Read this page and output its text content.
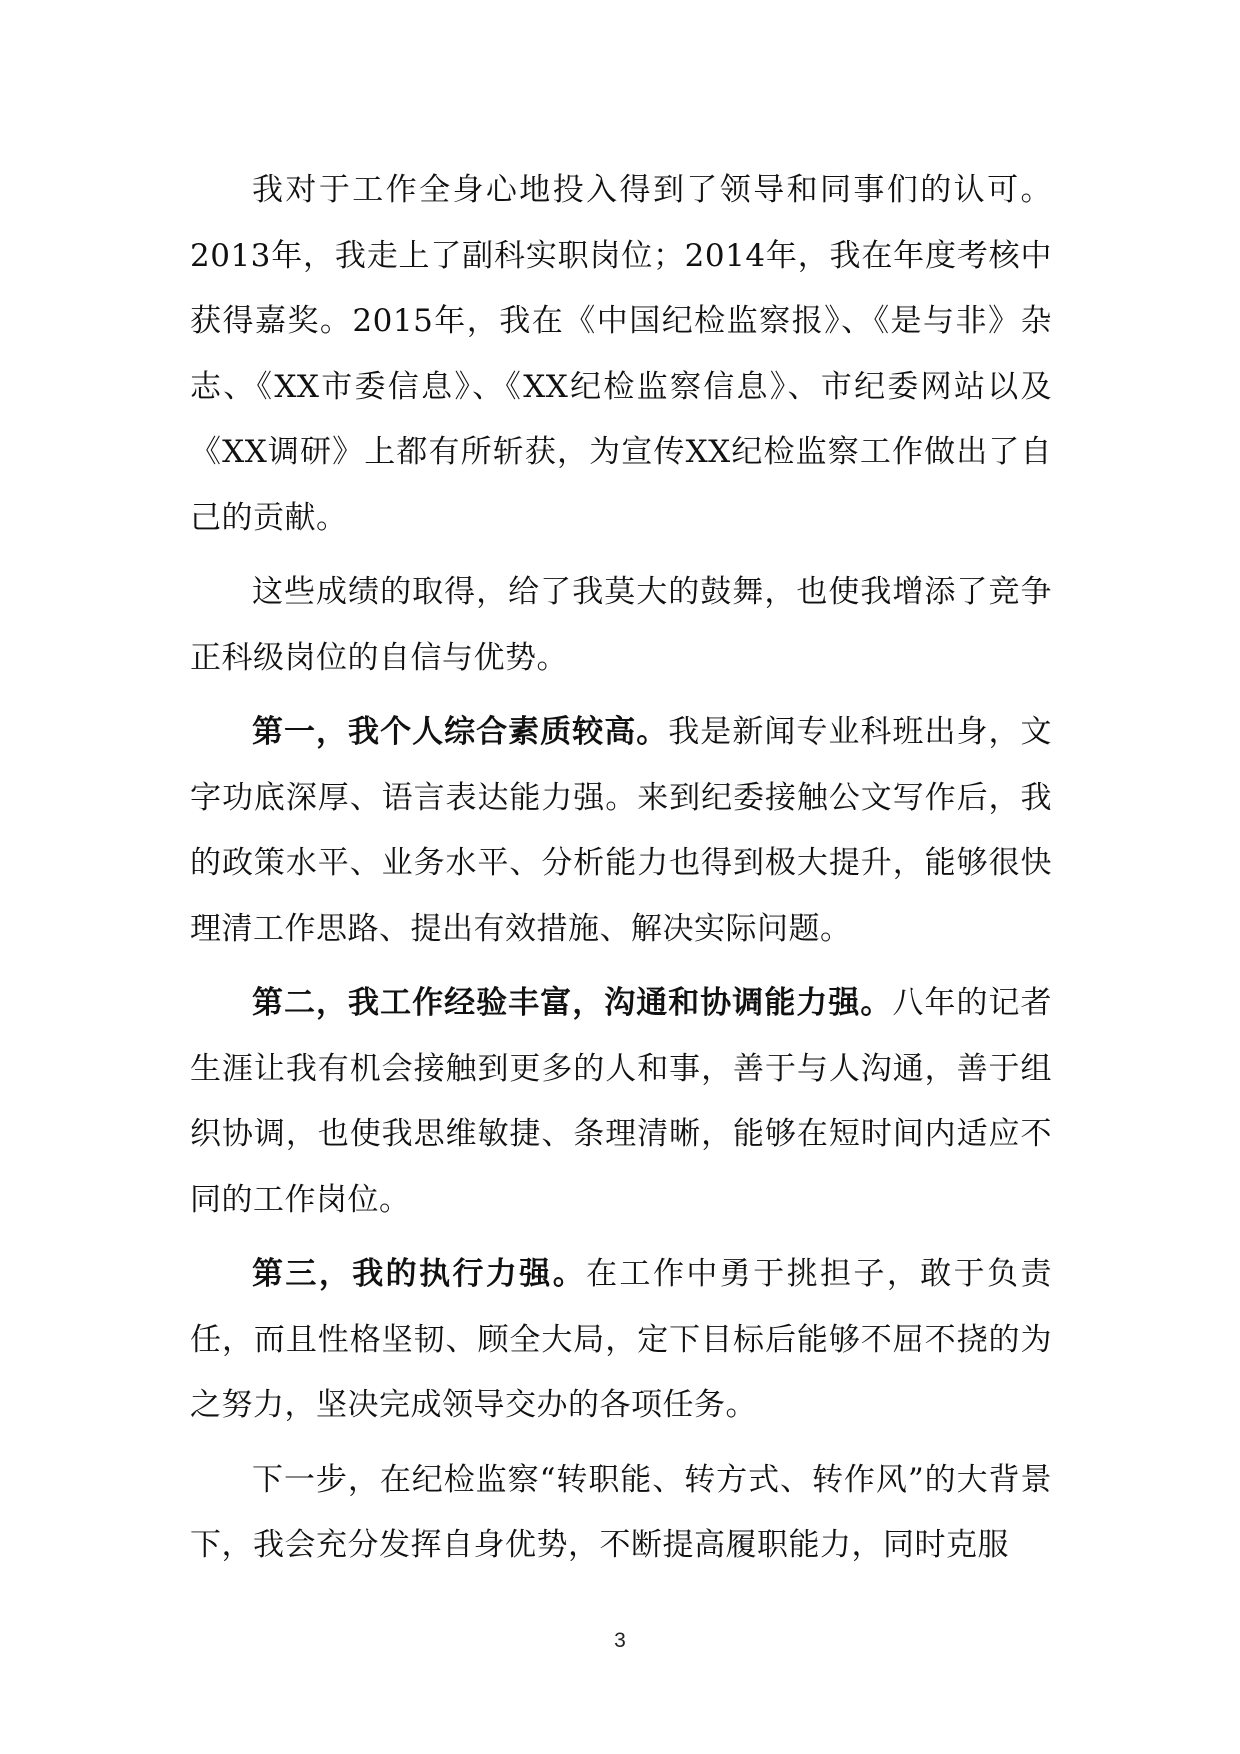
我对于工作全身心地投入得到了领导和同事们的认可。2013年，我走上了副科实职岗位；2014年，我在年度考核中获得嘉奖。2015年，我在《中国纪检监察报》、《是与非》杂志、《XX市委信息》、《XX纪检监察信息》、市纪委网站以及《XX调研》上都有所斩获，为宣传XX纪检监察工作做出了自己的贡献。

这些成绩的取得，给了我莫大的鼓舞，也使我增添了竞争正科级岗位的自信与优势。

第一，我个人综合素质较高。我是新闻专业科班出身，文字功底深厚、语言表达能力强。来到纪委接触公文写作后，我的政策水平、业务水平、分析能力也得到极大提升，能够很快理清工作思路、提出有效措施、解决实际问题。

第二，我工作经验丰富，沟通和协调能力强。八年的记者生涯让我有机会接触到更多的人和事，善于与人沟通，善于组织协调，也使我思维敏捷、条理清晰，能够在短时间内适应不同的工作岗位。

第三，我的执行力强。在工作中勇于挑担子，敢于负责任，而且性格坚韧、顾全大局，定下目标后能够不屈不挠的为之努力，坚决完成领导交办的各项任务。

下一步，在纪检监察“转职能、转方式、转作风”的大背景下，我会充分发挥自身优势，不断提高履职能力，同时克服

3
